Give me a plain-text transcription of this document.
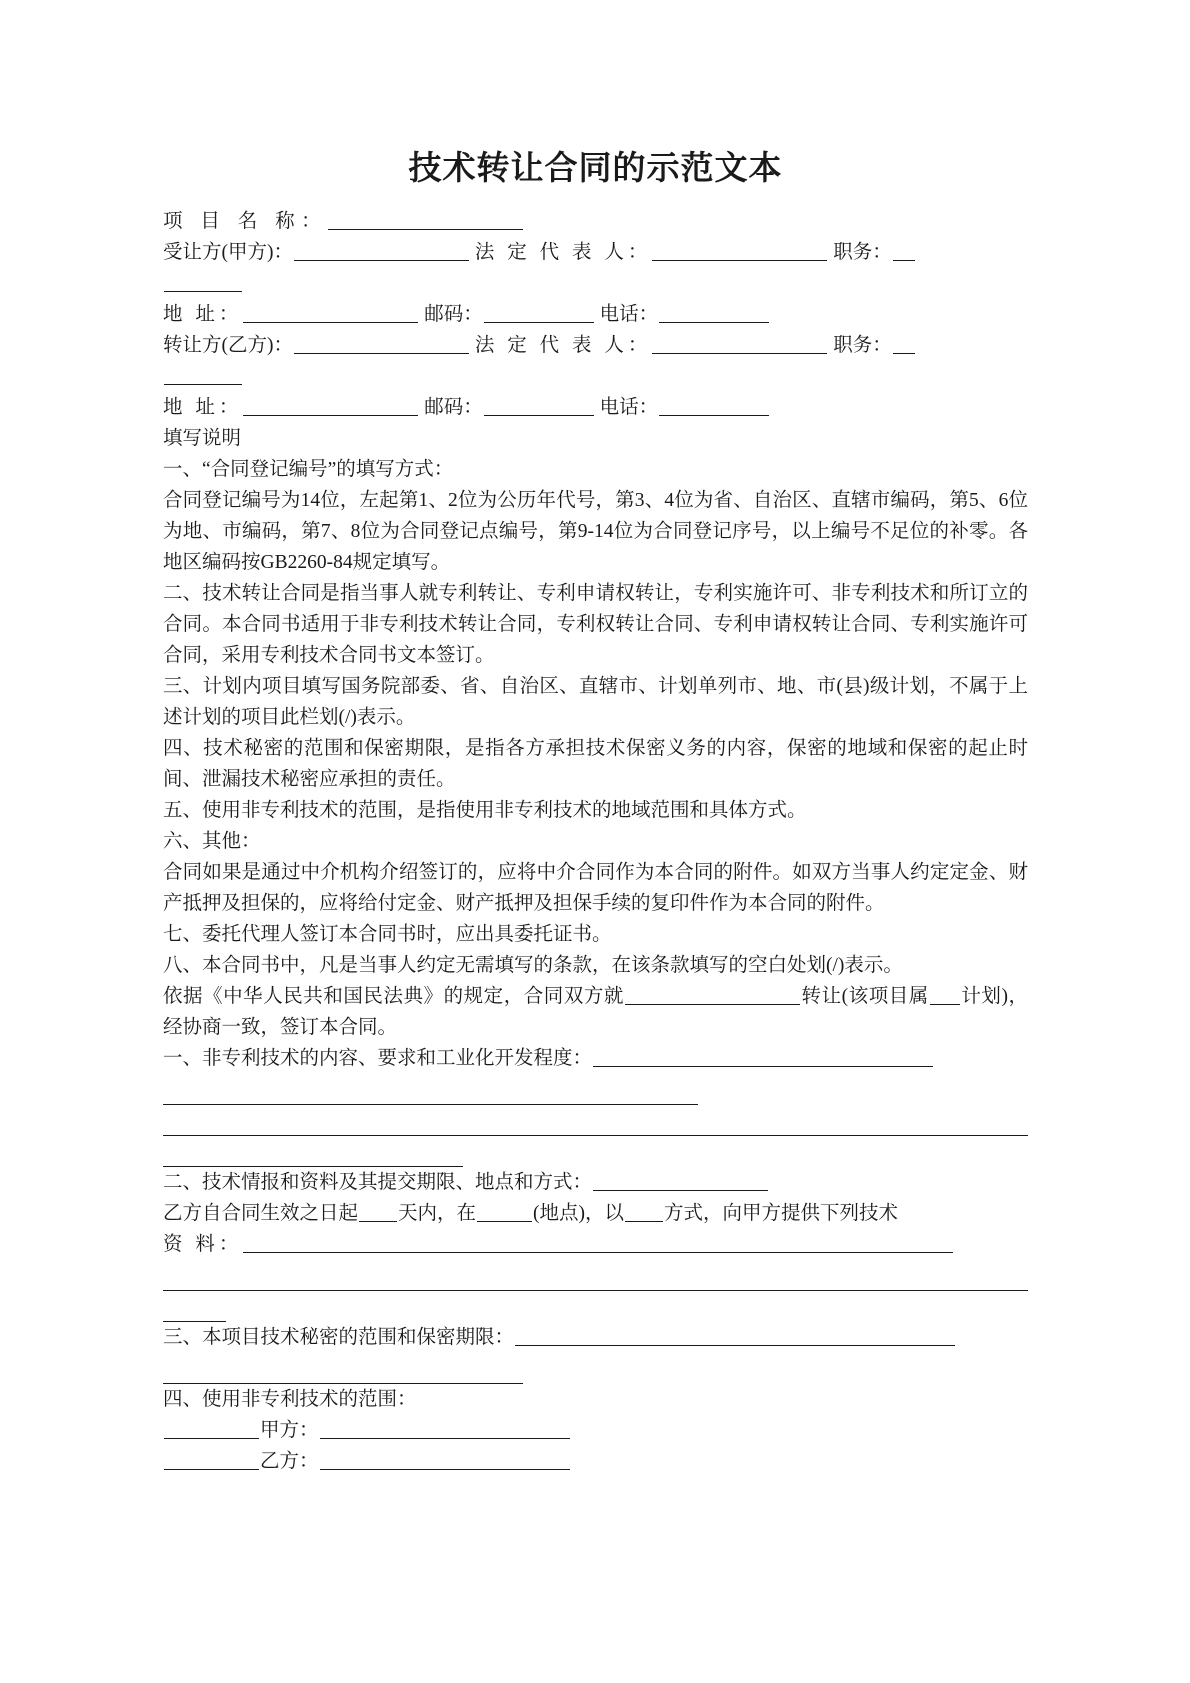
技术转让合同的示范文本
项 目 名 称：
受让方(甲方)：	法 定 代 表 人：	职务：
地 址：	邮码：	电话：
转让方(乙方)：	法 定 代 表 人：	职务：
地 址：	邮码：	电话：
填写说明
一、“合同登记编号”的填写方式：

合同登记编号为14位，左起第1、2位为公历年代号，第3、4位为省、自治区、直辖市编码，第5、6位为地、市编码，第7、8位为合同登记点编号，第9-14位为合同登记序号，以上编号不足位的补零。各地区编码按GB2260-84规定填写。

二、技术转让合同是指当事人就专利转让、专利申请权转让，专利实施许可、非专利技术和所订立的合同。本合同书适用于非专利技术转让合同，专利权转让合同、专利申请权转让合同、专利实施许可合同，采用专利技术合同书文本签订。

三、计划内项目填写国务院部委、省、自治区、直辖市、计划单列市、地、市(县)级计划，不属于上述计划的项目此栏划(/)表示。

四、技术秘密的范围和保密期限，是指各方承担技术保密义务的内容，保密的地域和保密的起止时间、泄漏技术秘密应承担的责任。

五、使用非专利技术的范围，是指使用非专利技术的地域范围和具体方式。

六、其他：

合同如果是通过中介机构介绍签订的，应将中介合同作为本合同的附件。如双方当事人约定定金、财产抵押及担保的，应将给付定金、财产抵押及担保手续的复印件作为本合同的附件。

七、委托代理人签订本合同书时，应出具委托证书。

八、本合同书中，凡是当事人约定无需填写的条款，在该条款填写的空白处划(/)表示。

依据《中华人民共和国民法典》的规定，合同双方就	转让(该项目属 计划)，经协商一致，签订本合同。
一、非专利技术的内容、要求和工业化开发程度：
二、技术情报和资料及其提交期限、地点和方式：
乙方自合同生效之日起 天内，在	(地点)，以 方式，向甲方提供下列技术
资 料：
三、本项目技术秘密的范围和保密期限：
四、使用非专利技术的范围：
甲方：
乙方：
